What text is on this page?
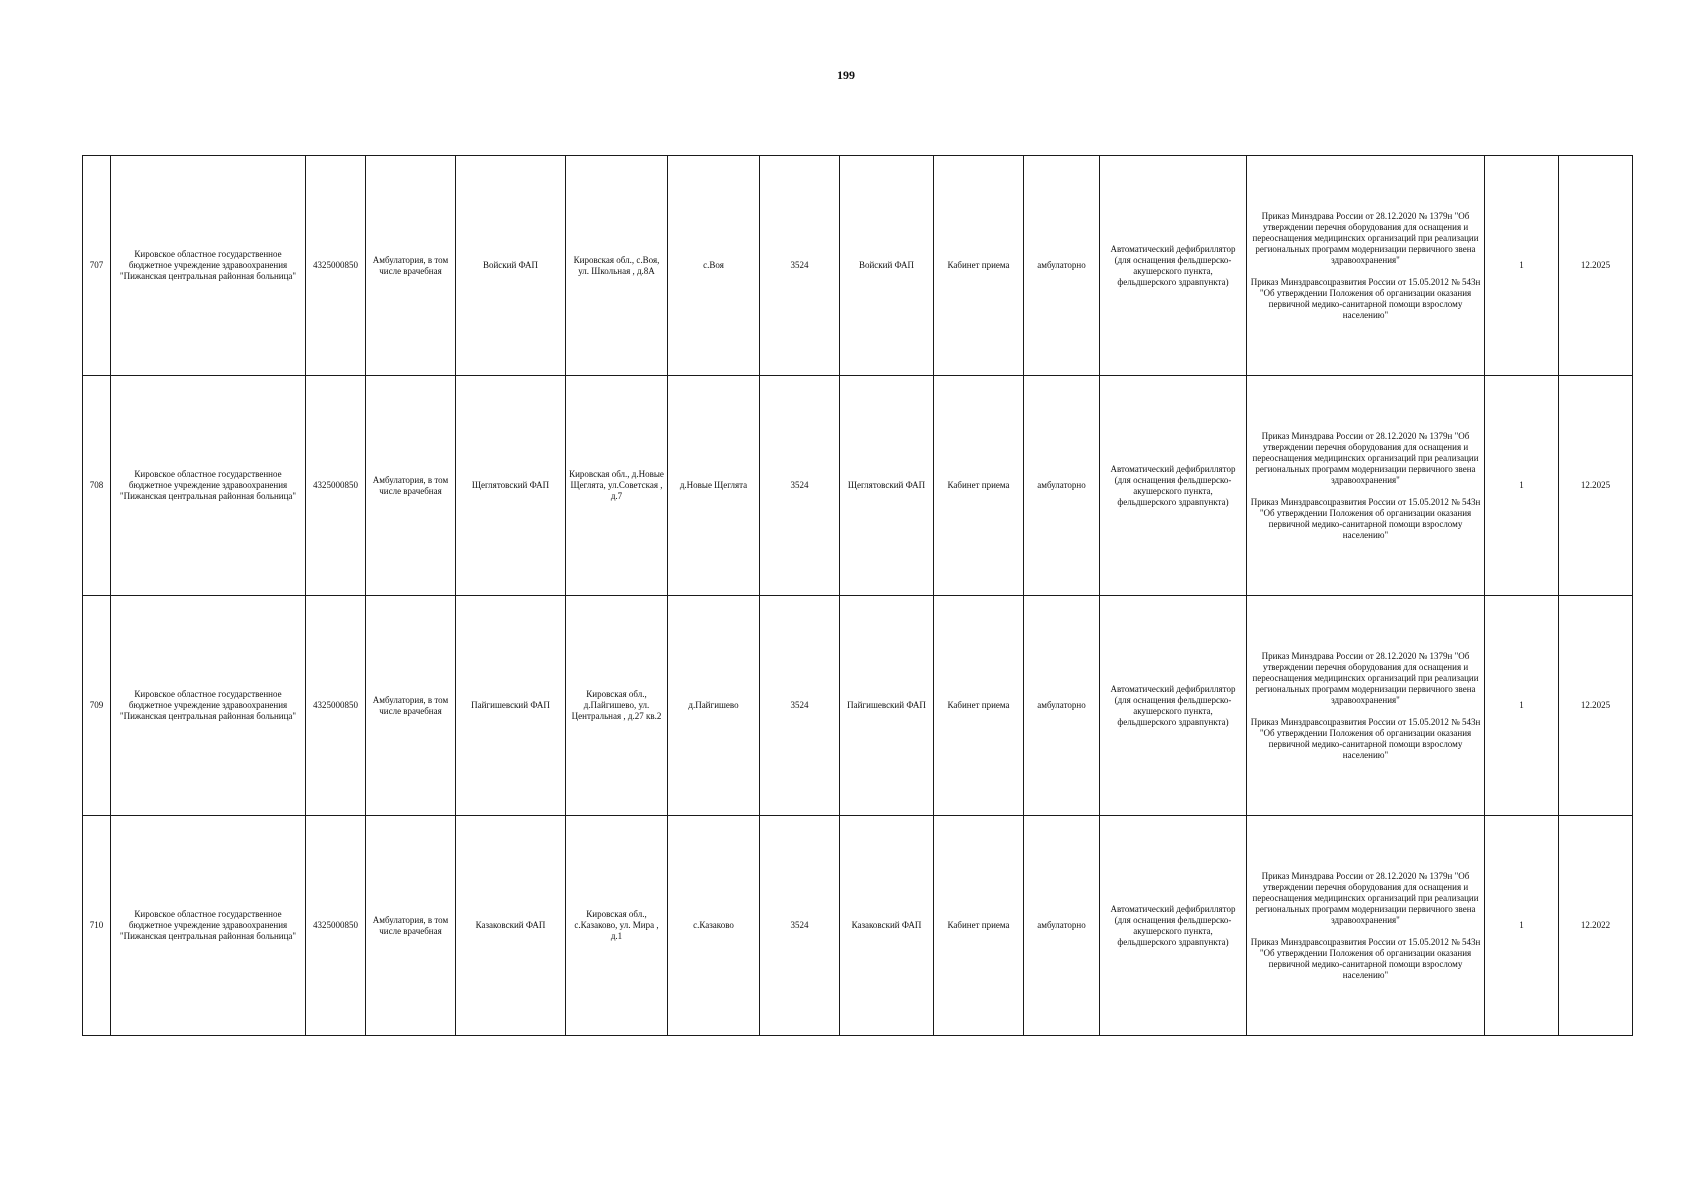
199
707	Кировское областное государственное бюджетное учреждение здравоохранения "Пижанская центральная районная больница"	4325000850	Амбулатория, в том числе врачебная	Войский ФАП	Кировская обл., с.Воя, ул. Школьная , д.8А	с.Воя	3524	Войский ФАП	Кабинет приема	амбулаторно	Автоматический дефибриллятор (для оснащения фельдшерско-акушерского пункта, фельдшерского здравпункта)	Приказ Минздрава России от 28.12.2020 № 1379н "Об утверждении перечня оборудования для оснащения и переоснащения медицинских организаций при реализации региональных программ модернизации первичного звена здравоохранения"
Приказ Минздравсоцразвития России от 15.05.2012 № 543н "Об утверждении Положения об организации оказания первичной медико-санитарной помощи взрослому населению"	1	12.2025
708	Кировское областное государственное бюджетное учреждение здравоохранения "Пижанская центральная районная больница"	4325000850	Амбулатория, в том числе врачебная	Щеглятовский ФАП	Кировская обл., д.Новые Щеглята, ул.Советская , д.7	д.Новые Щеглята	3524	Щеглятовский ФАП	Кабинет приема	амбулаторно	Автоматический дефибриллятор (для оснащения фельдшерско-акушерского пункта, фельдшерского здравпункта)	Приказ Минздрава России от 28.12.2020 № 1379н "Об утверждении перечня оборудования для оснащения и переоснащения медицинских организаций при реализации региональных программ модернизации первичного звена здравоохранения"
Приказ Минздравсоцразвития России от 15.05.2012 № 543н "Об утверждении Положения об организации оказания первичной медико-санитарной помощи взрослому населению"	1	12.2025
709	Кировское областное государственное бюджетное учреждение здравоохранения "Пижанская центральная районная больница"	4325000850	Амбулатория, в том числе врачебная	Пайгишевский ФАП	Кировская обл., д.Пайгишево, ул. Центральная , д.27 кв.2	д.Пайгишево	3524	Пайгишевский ФАП	Кабинет приема	амбулаторно	Автоматический дефибриллятор (для оснащения фельдшерско-акушерского пункта, фельдшерского здравпункта)	Приказ Минздрава России от 28.12.2020 № 1379н "Об утверждении перечня оборудования для оснащения и переоснащения медицинских организаций при реализации региональных программ модернизации первичного звена здравоохранения"
Приказ Минздравсоцразвития России от 15.05.2012 № 543н "Об утверждении Положения об организации оказания первичной медико-санитарной помощи взрослому населению"	1	12.2025
710	Кировское областное государственное бюджетное учреждение здравоохранения "Пижанская центральная районная больница"	4325000850	Амбулатория, в том числе врачебная	Казаковский ФАП	Кировская обл., с.Казаково, ул. Мира , д.1	с.Казаково	3524	Казаковский ФАП	Кабинет приема	амбулаторно	Автоматический дефибриллятор (для оснащения фельдшерско-акушерского пункта, фельдшерского здравпункта)	Приказ Минздрава России от 28.12.2020 № 1379н "Об утверждении перечня оборудования для оснащения и переоснащения медицинских организаций при реализации региональных программ модернизации первичного звена здравоохранения"
Приказ Минздравсоцразвития России от 15.05.2012 № 543н "Об утверждении Положения об организации оказания первичной медико-санитарной помощи взрослому населению"	1	12.2022
